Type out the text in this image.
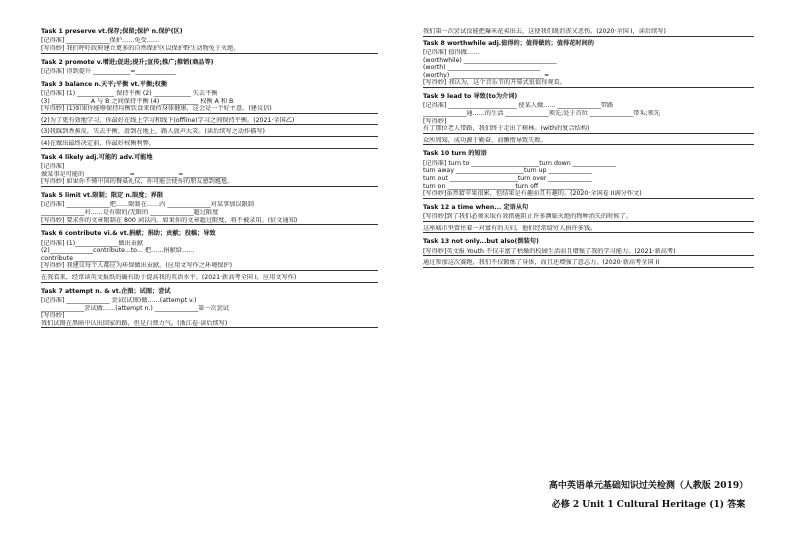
Task 1 preserve vt.保存;保留;保护 n.保护(区)
[记得准] ______________保护……免受……
[写得妙] 我们呼吁政府建立更多的自然保护区以保护野生动物免于灭绝。
Task 2 promote v.增进;促进;提升;宣传;推广;推销(商品等)
[记得准] 得到提升 ____________=_____________
Task 3 balance n.天平;平衡 vt.平衡;权衡
[记得准] (1) ____________ 保持平衡 (2) ____________ 失去平衡
(3) ____________ A 与 B 之间保持平衡 (4) ____________ 权衡 A 和 B
[写得妙] (1)如果你能够保持均衡饮食来保持身体健康，这会是一个好主意。(建议信)
(2)为了更有效地学习，你最好在线上学习和线下(offline)学习之间保持平衡。(2021·全国乙)
(3)我踩到香蕉皮，失去平衡，滑到在地上，路人放声大笑。(读后续写之动作描写)
(4)在做出最终决定前，你最好权衡利弊。
Task 4 likely adj.可能的 adv.可能地
[记得准]
做某事是可能的 ______________=______________=______________
[写得妙] 如果你不懂中国的餐桌礼仪，你可能会使你的朋友感到尴尬。
Task 5 limit vt.限制；限定 n.限度；界限
[记得准] ______________把……限制在……内 ______________对某事加以限制
______________对……是有限的/无限的 ______________超过限度
[写得妙] 要求你的文章限制在 800 词以内。如果你的文章超过限度，将不被录用。(征文通知)
Task 6 contribute vi.& vt.捐献；捐助；贡献；投稿；导致
[记得准] (1)______________做出贡献
(2)______________contribute...to... 把……捐献给……
contribute ______________
[写得妙] 我建议每个人都应为环保做出贡献。(应用文写作之环境保护)
在我看来，经常读英文报纸的确有助于提高我的英语水平。(2021·新高考全国 I，应用文写作)
Task 7 attempt n. & vt.企图；试图；尝试
[记得准] ______________ 尝试(试图)做……(attempt v.)
______________尝试做……(attempt n.) ______________第一次尝试
[写得妙]
我们试图在黑暗中认出回家的路，但是白费力气。(浙江卷·读后续写)
我们第一次尝试没能把爆米花卖出去，这使我们既沮丧又悲伤。(2020·全国 I，读后续写)
Task 8 worthwhile adj.值得的；值得做的；值得花时间的
[记得准] 值得做……
(worthwhile) ______________________________
(worth) ______________________________
(worthy) ______________________________=
[写得妙] 我认为，这个音乐节的开幕式很值得观看。
Task 9 lead to 导致(to为介词)
[记得准] ______________________ 使某人做…… ______________带路
______________通……的生活 ______________领先;处于首位 ______________带头;领先
[写得妙]
有了那位老人带路，我们终于走出了树林。(with的复合结构)
众所周知，成功源于勤奋，而懒惰导致失败。
Task 10 turn 的短语
[记得准] turn to ______________________turn down ______________
turn away ______________________turn up ______________
turn out ______________________turn over ______________
turn on ______________________turn off ______________
[写得妙]虽然猜苹果很累，但结果是有趣而且有趣的。(2020·全国卷 II满分作文)
Task 12 a time when... 定语从句
[写得妙]到了我们必须采取有效措施阻止许多濒临灭绝的物种消失的时候了。
这座城市里曾住着一对富有的夫妇，他们经常给穷人捐许多钱。
Task 13 not only...but also(倒装句)
[写得妙]英文报 Youth 不仅丰富了枯燥的校园生活而且增强了我的学习能力。(2021·新高考)
通过参加这次赛跑，我们不仅锻炼了身体，而且还增强了意志力。(2020·新高考全国 I)
高中英语单元基础知识过关检测（人教版 2019）
必修 2 Unit 1 Cultural Heritage (1) 答案
